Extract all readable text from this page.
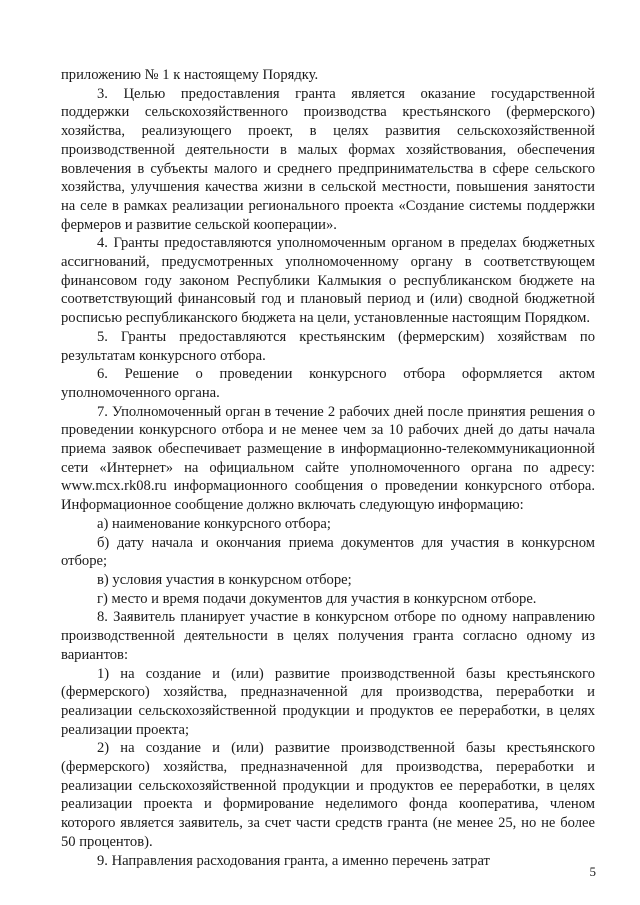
приложению № 1 к настоящему Порядку.

3. Целью предоставления гранта является оказание государственной поддержки сельскохозяйственного производства крестьянского (фермерского) хозяйства, реализующего проект, в целях развития сельскохозяйственной производственной деятельности в малых формах хозяйствования, обеспечения вовлечения в субъекты малого и среднего предпринимательства в сфере сельского хозяйства, улучшения качества жизни в сельской местности, повышения занятости на селе в рамках реализации регионального проекта «Создание системы поддержки фермеров и развитие сельской кооперации».

4. Гранты предоставляются уполномоченным органом в пределах бюджетных ассигнований, предусмотренных уполномоченному органу в соответствующем финансовом году законом Республики Калмыкия о республиканском бюджете на соответствующий финансовый год и плановый период и (или) сводной бюджетной росписью республиканского бюджета на цели, установленные настоящим Порядком.

5. Гранты предоставляются крестьянским (фермерским) хозяйствам по результатам конкурсного отбора.

6. Решение о проведении конкурсного отбора оформляется актом уполномоченного органа.

7. Уполномоченный орган в течение 2 рабочих дней после принятия решения о проведении конкурсного отбора и не менее чем за 10 рабочих дней до даты начала приема заявок обеспечивает размещение в информационно-телекоммуникационной сети «Интернет» на официальном сайте уполномоченного органа по адресу: www.mcx.rk08.ru информационного сообщения о проведении конкурсного отбора. Информационное сообщение должно включать следующую информацию:

а) наименование конкурсного отбора;

б) дату начала и окончания приема документов для участия в конкурсном отборе;

в) условия участия в конкурсном отборе;

г) место и время подачи документов для участия в конкурсном отборе.

8. Заявитель планирует участие в конкурсном отборе по одному направлению производственной деятельности в целях получения гранта согласно одному из вариантов:

1) на создание и (или) развитие производственной базы крестьянского (фермерского) хозяйства, предназначенной для производства, переработки и реализации сельскохозяйственной продукции и продуктов ее переработки, в целях реализации проекта;

2) на создание и (или) развитие производственной базы крестьянского (фермерского) хозяйства, предназначенной для производства, переработки и реализации сельскохозяйственной продукции и продуктов ее переработки, в целях реализации проекта и формирование неделимого фонда кооператива, членом которого является заявитель, за счет части средств гранта (не менее 25, но не более 50 процентов).

9. Направления расходования гранта, а именно перечень затрат

5
